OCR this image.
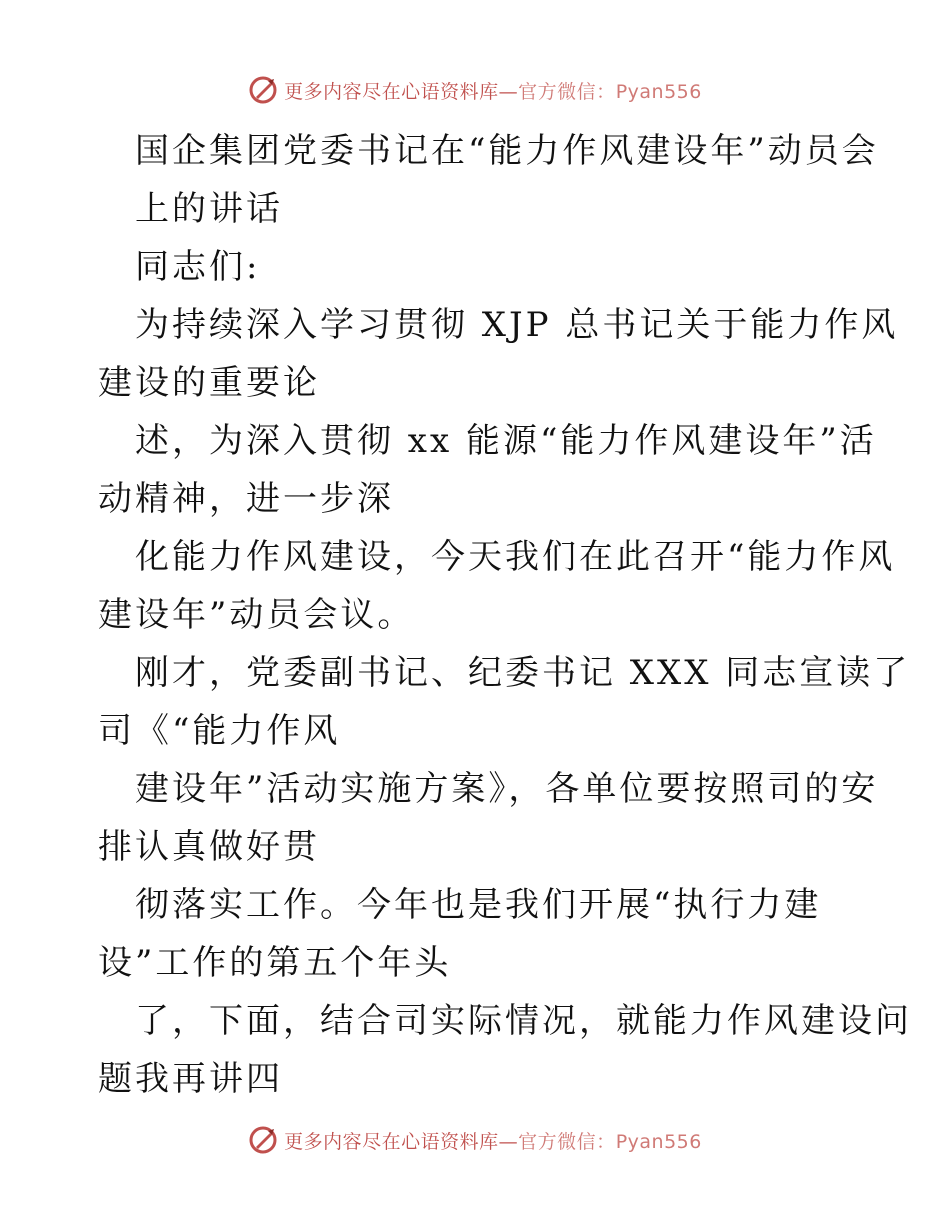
更多内容尽在心语资料库—官方微信：Pyan556
国企集团党委书记在“能力作风建设年”动员会
上的讲话
同志们:
为持续深入学习贯彻 XJP 总书记关于能力作风
建设的重要论
述，为深入贯彻 xx 能源“能力作风建设年”活
动精神，进一步深
化能力作风建设，今天我们在此召开“能力作风
建设年”动员会议。
刚才，党委副书记、纪委书记 XXX 同志宣读了
司《“能力作风
建设年”活动实施方案》，各单位要按照司的安
排认真做好贯
彻落实工作。今年也是我们开展“执行力建
设”工作的第五个年头
了，下面，结合司实际情况，就能力作风建设问
题我再讲四
更多内容尽在心语资料库—官方微信：Pyan556
